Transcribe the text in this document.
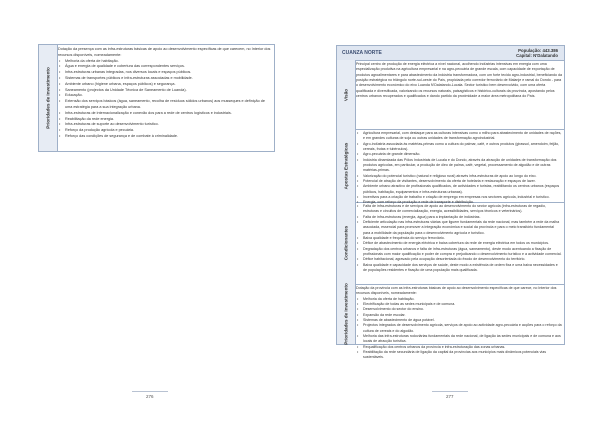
Prioridades de Investimento

Dotação da presença com as infra-estruturas básicas de apoio ao desenvolvimento específicas de que carecem, no Interior dos recursos disponíveis, nomeadamente:

• Melhoria da oferta de habitação.
• Água e energia de qualidade e cobertura das correspondentes serviços.
• Infra-estruturas urbanas integradas, nos diversos locais e espaços públicos.
• Sistemas de transportes públicos e infra-estruturas associadas e mobilidade.
• Ambiente urbano (higiene urbana, espaços públicos) e segurança.
• Saneamento (projectos da Unidade Técnica de Saneamento de Luanda).
• Educação.
• Extensão dos serviços básicos (água, saneamento, recolha de resíduos sólidos urbanos) aos musseques e definição de uma estratégia para a sua integração urbana.
• Infra-estruturas de internacionalização e conexão dos para a rede de centros logísticos e industriais.
• Reabilitação da rede energia.
• Infra-estruturas de suporte ao desenvolvimento turístico.
• Reforço da produção agrícola e pecuária.
• Reforço das condições de segurança e de combate à criminalidade.
276
CUANZA NORTE	População: 443.386
Capital: N'Dalatando
Visão

Principal centro de produção de energia eléctrica a nível nacional, acolhendo indústrias intensivas em energia com uma especialização produtiva na agricultura empresarial e na agro-pecuária de grande escala, com capacidade de exportação de produtos agroalimentares e para abastecimento da indústria transformadora, com um forte tecido agro-industrial, beneficiando da posição estratégica no triângulo norte-sul-oeste do País, propiciada pelo corredor ferroviário de Malanje e ramal do Dondo - para o desenvolvimento económico do eixo Luanda N'Dalatando-Lucala. Sector turístico bem desenvolvido, com uma oferta qualificada e diversificada, valorizando os recursos naturais, paisagísticos e histórico-culturais da província, apostando pelos centros urbanos recuperados e qualificados e dando partido da proximidade a maior área metropolitana do País.

Apostas Estratégicas
• Agricultura empresarial, com destaque para as culturas intensivas como o milho para abastecimento de unidades de rações, e em grandes culturas de soja ou outras unidades de transformação agroindustrial.
• Agro-indústria associada às matérias-primas como a cultura do palmar, café, e outros produtos (girassol, amendoim, feijão, cereais, frutas e tubérculos).
• Agro-pecuária de grande dimensão.
• Indústria dinamizada das Pólos Industriais de Lucala e do Dondo, através da atracção de unidades de transformação dos produtos agrícolas, em particular, a produção de óleo de palma, café, vegetal, processamento de algodão e de outras matérias-primas.
• Valorização do potencial turístico (natural e religioso rural) através infra-estruturas de apoio ao longo do eixo.
• Potencial de atração de visitantes, desenvolvimento da oferta de hotelaria e restauração e espaços de lazer.
• Ambiente urbano atractivo de profissionais qualificados, de actividades e turistas, reabilitando os centros urbanos (espaços públicos, habitação, equipamentos e infra-estruturas urbanas).
• Incentivos para a criação de trabalho e criação de emprego em empresas nos sectores agrícola, industrial e turístico.
• Energia, com reforço da produção e rede de transporte e distribuição.
Condicionantes
• Falta de infra-estruturas e de serviços de apoio ao desenvolvimento do sector agrícola (infra-estruturas de regadio, estruturas e circuitos de comercialização, energia, acessibilidades, serviços técnicos e veterinários).
• Falta de infra-estruturas (energia, água) para a implantação de indústrias.
• Deficiente articulação nas infra-estruturas viárias que liguem fundamentais da rede nacional, mas também a rede da malha associada, essencial para promover a integração económica e social da província e para o meio transitório fundamental para a mobilidade da população para o desenvolvimento agrícola e turístico.
• Baixa qualidade e frequência do serviço ferroviário.
• Défice de abastecimento de energia eléctrica e baixa cobertura da rede de energia eléctrica em todos os municípios.
• Degradação dos centros urbanos e falta de infra-estruturas (água, saneamento), deste modo acentuando a fixação de profissionais com maior qualificação e poder de compra e prejudicando o desenvolvimento turístico e a actividade comercial.
• Défice habitacional, agravado pela ocupação desorientada do êxodo de desenvolvimento do território.
• Baixa qualidade e capacidade dos serviços de saúde, deste modo a existência de ordem fixa e uma baixa necessidades e de populações residentes e fixação de uma população mais qualificada.
Prioridades de Investimento Dotação da província com as infra-estruturas básicas de apoio ao desenvolvimento específicas de que carece, no Interior dos recursos disponíveis, nomeadamente:

• Melhoria da oferta de habitação.
• Electrificação de todas as sedes municipais e de comuna.
• Desenvolvimento do sector do ensino.
• Expansão da rede escolar.
• Sistemas de abastecimento de água potável.
• Projectos integrados de desenvolvimento agrícola, serviços de apoio ao actividade agro-pecuária e acções para o reforço da cultura de cereais e do algodão.
• Melhoria das infra-estruturas rodoviárias fundamentais da rede nacional, de ligação às sedes municipais e de comuna e aos locais de atracção turística.
• Requalificação dos centros urbanos da província e infra-estruturação das zonas urbanas.
• Reabilitação da rede secundária de ligação da capital da províncias aos municípios mais dinâmicos potenciais vias sustentáveis.
277
